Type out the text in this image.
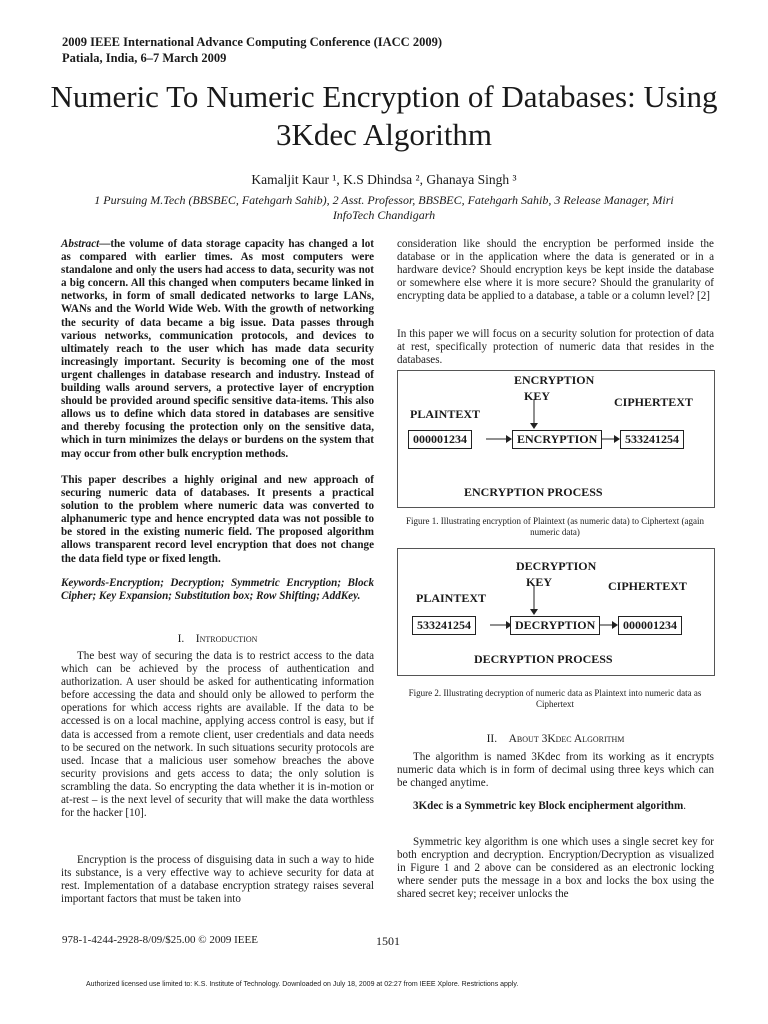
2009 IEEE International Advance Computing Conference (IACC 2009)
Patiala, India, 6–7 March 2009
Numeric To Numeric Encryption of Databases: Using
3Kdec Algorithm
Kamaljit Kaur ¹, K.S Dhindsa ², Ghanaya Singh ³
1 Pursuing M.Tech (BBSBEC, Fatehgarh Sahib), 2 Asst. Professor, BBSBEC, Fatehgarh Sahib, 3 Release Manager, Miri
InfoTech Chandigarh
Abstract—the volume of data storage capacity has changed a lot as compared with earlier times. As most computers were standalone and only the users had access to data, security was not a big concern. All this changed when computers became linked in networks, in form of small dedicated networks to large LANs, WANs and the World Wide Web. With the growth of networking the security of data became a big issue. Data passes through various networks, communication protocols, and devices to ultimately reach to the user which has made data security increasingly important. Security is becoming one of the most urgent challenges in database research and industry. Instead of building walls around servers, a protective layer of encryption should be provided around specific sensitive data-items. This also allows us to define which data stored in databases are sensitive and thereby focusing the protection only on the sensitive data, which in turn minimizes the delays or burdens on the system that may occur from other bulk encryption methods.
This paper describes a highly original and new approach of securing numeric data of databases. It presents a practical solution to the problem where numeric data was converted to alphanumeric type and hence encrypted data was not possible to be stored in the existing numeric field. The proposed algorithm allows transparent record level encryption that does not change the data field type or fixed length.
Keywords-Encryption; Decryption; Symmetric Encryption; Block Cipher; Key Expansion; Substitution box; Row Shifting; AddKey.
I. Introduction
The best way of securing the data is to restrict access to the data which can be achieved by the process of authentication and authorization. A user should be asked for authenticating information before accessing the data and should only be allowed to perform the operations for which access rights are available. If the data to be accessed is on a local machine, applying access control is easy, but if data is accessed from a remote client, user credentials and data needs to be secured on the network. In such situations security protocols are used. Incase that a malicious user somehow breaches the above security provisions and gets access to data; the only solution is scrambling the data. So encrypting the data whether it is in-motion or at-rest – is the next level of security that will make the data worthless for the hacker [10].
Encryption is the process of disguising data in such a way to hide its substance, is a very effective way to achieve security for data at rest. Implementation of a database encryption strategy raises several important factors that must be taken into
consideration like should the encryption be performed inside the database or in the application where the data is generated or in a hardware device? Should encryption keys be kept inside the database or somewhere else where it is more secure? Should the granularity of encrypting data be applied to a database, a table or a column level? [2]
In this paper we will focus on a security solution for protection of data at rest, specifically protection of numeric data that resides in the databases.
ENCRYPTION
KEY
PLAINTEXT
CIPHERTEXT
000001234	ENCRYPTION	533241254
ENCRYPTION PROCESS
Figure 1. Illustrating encryption of Plaintext (as numeric data) to Ciphertext (again numeric data)
DECRYPTION
KEY
PLAINTEXT
CIPHERTEXT
533241254	DECRYPTION	000001234
DECRYPTION PROCESS
Figure 2. Illustrating decryption of numeric data as Plaintext into numeric data as Ciphertext
II. About 3Kdec Algorithm
The algorithm is named 3Kdec from its working as it encrypts numeric data which is in form of decimal using three keys which can be changed anytime.
3Kdec is a Symmetric key Block encipherment algorithm.
Symmetric key algorithm is one which uses a single secret key for both encryption and decryption. Encryption/Decryption as visualized in Figure 1 and 2 above can be considered as an electronic locking where sender puts the message in a box and locks the box using the shared secret key; receiver unlocks the
978-1-4244-2928-8/09/$25.00 © 2009 IEEE	1501
Authorized licensed use limited to: K.S. Institute of Technology. Downloaded on July 18, 2009 at 02:27 from IEEE Xplore. Restrictions apply.
